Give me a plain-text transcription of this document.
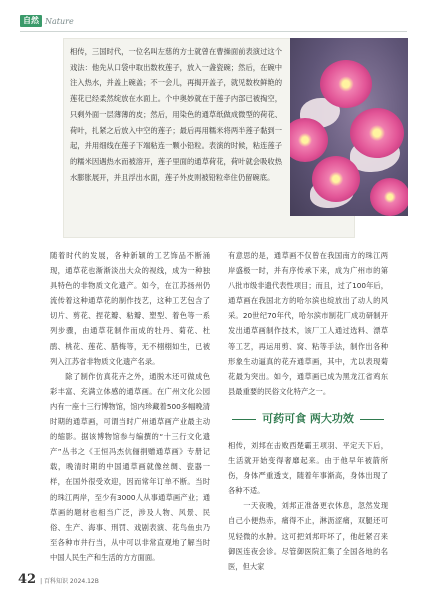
自然 Nature
相传，三国时代，一位名叫左慈的方士就曾在曹操面前表演过这个戏法：他先从口袋中取出数枚莲子，放入一盏瓷碗；然后，在碗中注入热水，并盖上碗盖；不一会儿，再揭开盖子，就见数枚鲜艳的莲花已经柔然绽放在水面上。个中奥妙就在于莲子内部已被掏空，只剩外面一层薄薄的皮；然后，用染色的通草纸做成微型的荷花、荷叶，扎紧之后放入中空的莲子；最后再用糯米将两半莲子黏到一起，并用细线在莲子下端粘连一颗小铅粒。表演的时候，粘连莲子的糯米因遇热水而被溶开，莲子里面的通草荷花，荷叶就会吸收热水膨胀展开，并且浮出水面，莲子外皮则被铅粒牵住仍留碗底。
随着时代的发展，各种新颖的工艺饰品不断涌现，通草花也渐渐淡出大众的视线，成为一种独具特色的非物质文化遗产。如今，在江苏扬州仍流传着这种通草花的制作技艺，这种工艺包含了切片、剪花、捏花瓣、粘瓣、塑型、着色等一系列步骤，由通草花制作而成的牡丹、菊花、杜鹃、桃花、莲花、腊梅等，无不栩栩如生，已被列入江苏省非物质文化遗产名录。
　　除了制作仿真花卉之外，通脱木还可做成色彩丰富、充满立体感的通草画。在广州文化公园内有一座十三行博物馆，馆内珍藏着500多幅晚清时期的通草画，可谓当时广州通草画产业最主动的缩影。据该博物馆参与编撰的“十三行文化遗产”丛书之《王恒冯杰伉俪捐赠通草画》专册记载，晚清时期的中国通草画就像丝绸、瓷器一样，在国外很受欢迎，因而常年订单不断。当时的珠江两岸，至少有3000人从事通草画产业；通草画的题材也相当广泛，涉及人物、风景、民俗、生产、海事、刑罚、戏剧表演、花鸟鱼虫乃至各种市井行当，从中可以非常直观地了解当时中国人民生产和生活的方方面面。
有意思的是，通草画不仅曾在我国南方的珠江两岸盛极一时，并有序传承下来，成为广州市的第八批市级非遗代表性项目；而且，过了100年后，通草画在我国北方的哈尔滨也绽放出了动人的风采。20世纪70年代，哈尔滨市制花厂成功研制开发出通草画制作技术，该厂工人通过选料、漂草等工艺，再运用剪、窝、粘等手法，制作出各种形象生动逼真的花卉通草画，其中，尤以表现菊花最为突出。如今，通草画已成为黑龙江省鸡东县最重要的民俗文化特产之一。
可药可食 两大功效
相传，刘邦在击败西楚霸王项羽、平定天下后，生活就开始变得奢靡起来。由于他早年被箭所伤，身体严重透支，随着年事渐高，身体出现了各种不适。
　　一天夜晚，刘邦正准备更衣休息，忽然发现自己小便热赤，痛得不止，淋沥涩痛，双腿还可见轻微的水肿。这可把刘邦吓坏了，他赶紧召来御医连夜会诊。尽管御医院汇集了全国各地的名医，但大家
42 | 百科知识 2024.12B
